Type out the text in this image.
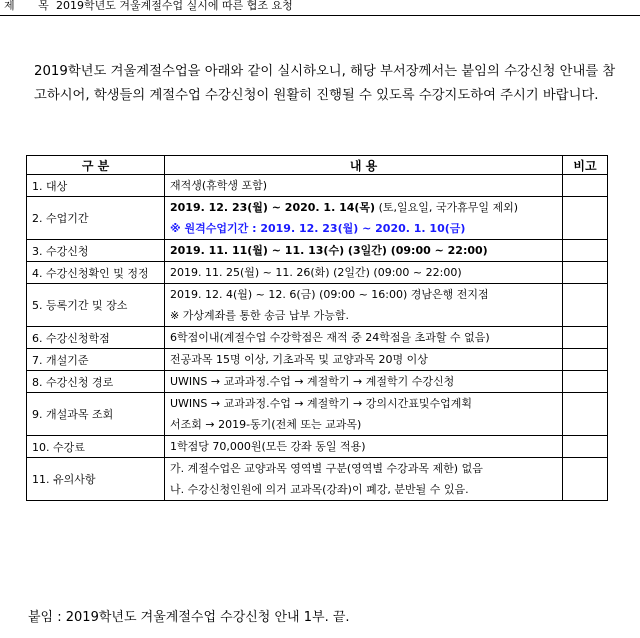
제 목
2019학년도 겨울계절수업 실시에 따른 협조 요청
2019학년도 겨울계절수업을 아래와 같이 실시하오니, 해당 부서장께서는 붙임의 수강신청 안내를 참고하시어, 학생들의 계절수업 수강신청이 원활히 진행될 수 있도록 수강지도하여 주시기 바랍니다.
구 분	내 용	비고
1. 대상	재적생(휴학생 포함)	

2. 수업기간	2019. 12. 23(월) ~ 2020. 1. 14(목) (토,일요일, 국가휴무일 제외)
※ 원격수업기간 : 2019. 12. 23(월) ~ 2020. 1. 10(금)	

3. 수강신청	2019. 11. 11(월) ~ 11. 13(수) (3일간) (09:00 ~ 22:00)	

4. 수강신청확인 및 정정	2019. 11. 25(월) ~ 11. 26(화) (2일간) (09:00 ~ 22:00)	

5. 등록기간 및 장소	2019. 12. 4(월) ~ 12. 6(금) (09:00 ~ 16:00) 경남은행 전지점
※ 가상계좌를 통한 송금 납부 가능함.	

6. 수강신청학점	6학점이내(계절수업 수강학점은 재적 중 24학점을 초과할 수 없음)	

7. 개설기준	전공과목 15명 이상, 기초과목 및 교양과목 20명 이상	

8. 수강신청 경로	UWINS → 교과과정.수업 → 계절학기 → 계절학기 수강신청	

9. 개설과목 조회	UWINS → 교과과정.수업 → 계절학기 → 강의시간표및수업계획
서조회 → 2019-동기(전체 또는 교과목)	

10. 수강료	1학점당 70,000원(모든 강좌 동일 적용)	

11. 유의사항	가. 계절수업은 교양과목 영역별 구분(영역별 수강과목 제한) 없음
나. 수강신청인원에 의거 교과목(강좌)이 폐강, 분반될 수 있음.	

붙임 : 2019학년도 겨울계절수업 수강신청 안내 1부. 끝.
